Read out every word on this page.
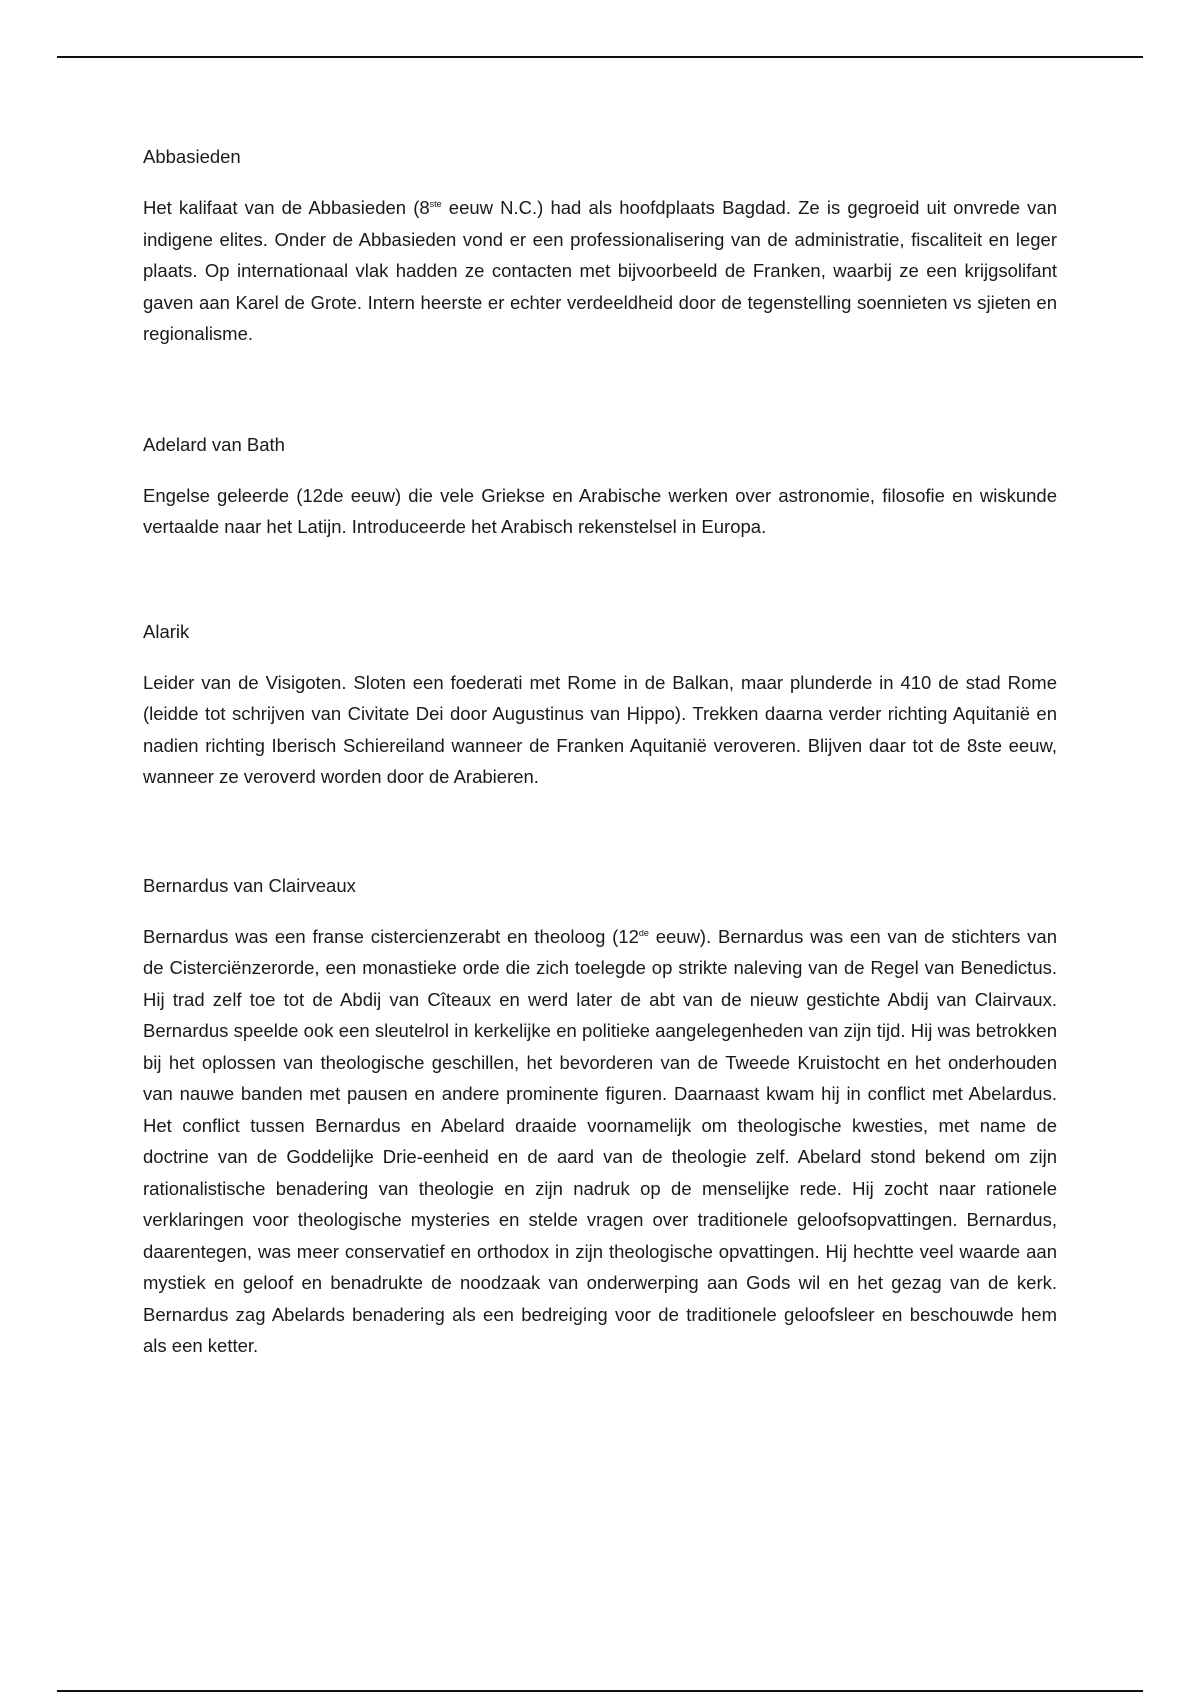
Abbasieden

Het kalifaat van de Abbasieden (8ste eeuw N.C.) had als hoofdplaats Bagdad. Ze is gegroeid uit onvrede van indigene elites. Onder de Abbasieden vond er een professionalisering van de administratie, fiscaliteit en leger plaats. Op internationaal vlak hadden ze contacten met bijvoorbeeld de Franken, waarbij ze een krijgsolifant gaven aan Karel de Grote. Intern heerste er echter verdeeldheid door de tegenstelling soennieten vs sjieten en regionalisme.

Adelard van Bath

Engelse geleerde (12de eeuw) die vele Griekse en Arabische werken over astronomie, filosofie en wiskunde vertaalde naar het Latijn. Introduceerde het Arabisch rekenstelsel in Europa.

Alarik

Leider van de Visigoten. Sloten een foederati met Rome in de Balkan, maar plunderde in 410 de stad Rome (leidde tot schrijven van Civitate Dei door Augustinus van Hippo). Trekken daarna verder richting Aquitanië en nadien richting Iberisch Schiereiland wanneer de Franken Aquitanië veroveren. Blijven daar tot de 8ste eeuw, wanneer ze veroverd worden door de Arabieren.

Bernardus van Clairveaux

Bernardus was een franse cistercienzerabt en theoloog (12de eeuw). Bernardus was een van de stichters van de Cisterciënzerorde, een monastieke orde die zich toelegde op strikte naleving van de Regel van Benedictus. Hij trad zelf toe tot de Abdij van Cîteaux en werd later de abt van de nieuw gestichte Abdij van Clairvaux. Bernardus speelde ook een sleutelrol in kerkelijke en politieke aangelegenheden van zijn tijd. Hij was betrokken bij het oplossen van theologische geschillen, het bevorderen van de Tweede Kruistocht en het onderhouden van nauwe banden met pausen en andere prominente figuren. Daarnaast kwam hij in conflict met Abelardus. Het conflict tussen Bernardus en Abelard draaide voornamelijk om theologische kwesties, met name de doctrine van de Goddelijke Drie-eenheid en de aard van de theologie zelf. Abelard stond bekend om zijn rationalistische benadering van theologie en zijn nadruk op de menselijke rede. Hij zocht naar rationele verklaringen voor theologische mysteries en stelde vragen over traditionele geloofsopvattingen. Bernardus, daarentegen, was meer conservatief en orthodox in zijn theologische opvattingen. Hij hechtte veel waarde aan mystiek en geloof en benadrukte de noodzaak van onderwerping aan Gods wil en het gezag van de kerk. Bernardus zag Abelards benadering als een bedreiging voor de traditionele geloofsleer en beschouwde hem als een ketter.
